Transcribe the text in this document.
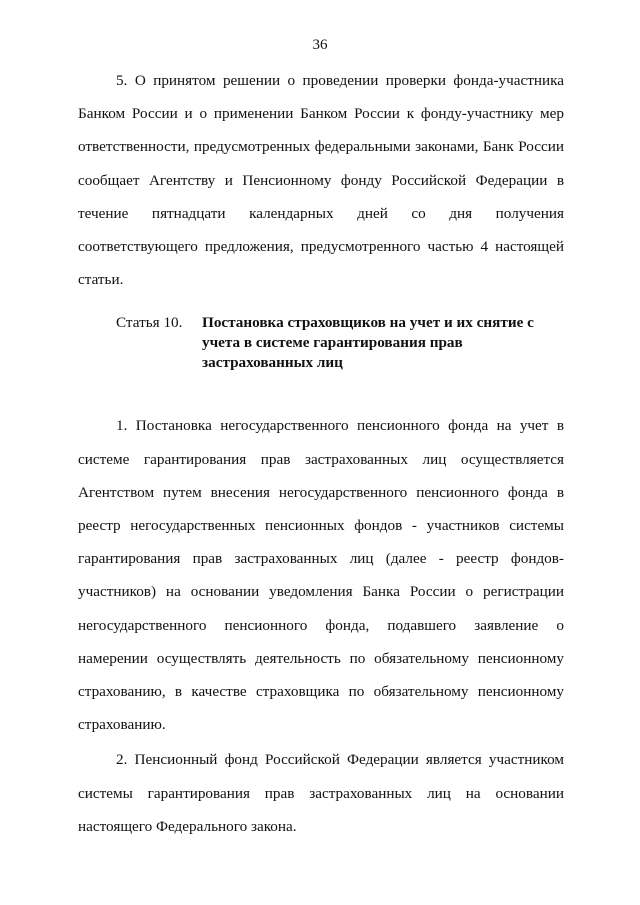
36

5. О принятом решении о проведении проверки фонда-участника Банком России и о применении Банком России к фонду-участнику мер ответственности, предусмотренных федеральными законами, Банк России сообщает Агентству и Пенсионному фонду Российской Федерации в течение пятнадцати календарных дней со дня получения соответствующего предложения, предусмотренного частью 4 настоящей статьи.

Статья 10.	Постановка страховщиков на учет и их снятие с учета в системе гарантирования прав застрахованных лиц

1. Постановка негосударственного пенсионного фонда на учет в системе гарантирования прав застрахованных лиц осуществляется Агентством путем внесения негосударственного пенсионного фонда в реестр негосударственных пенсионных фондов - участников системы гарантирования прав застрахованных лиц (далее - реестр фондов-участников) на основании уведомления Банка России о регистрации негосударственного пенсионного фонда, подавшего заявление о намерении осуществлять деятельность по обязательному пенсионному страхованию, в качестве страховщика по обязательному пенсионному страхованию.

2. Пенсионный фонд Российской Федерации является участником системы гарантирования прав застрахованных лиц на основании настоящего Федерального закона.
